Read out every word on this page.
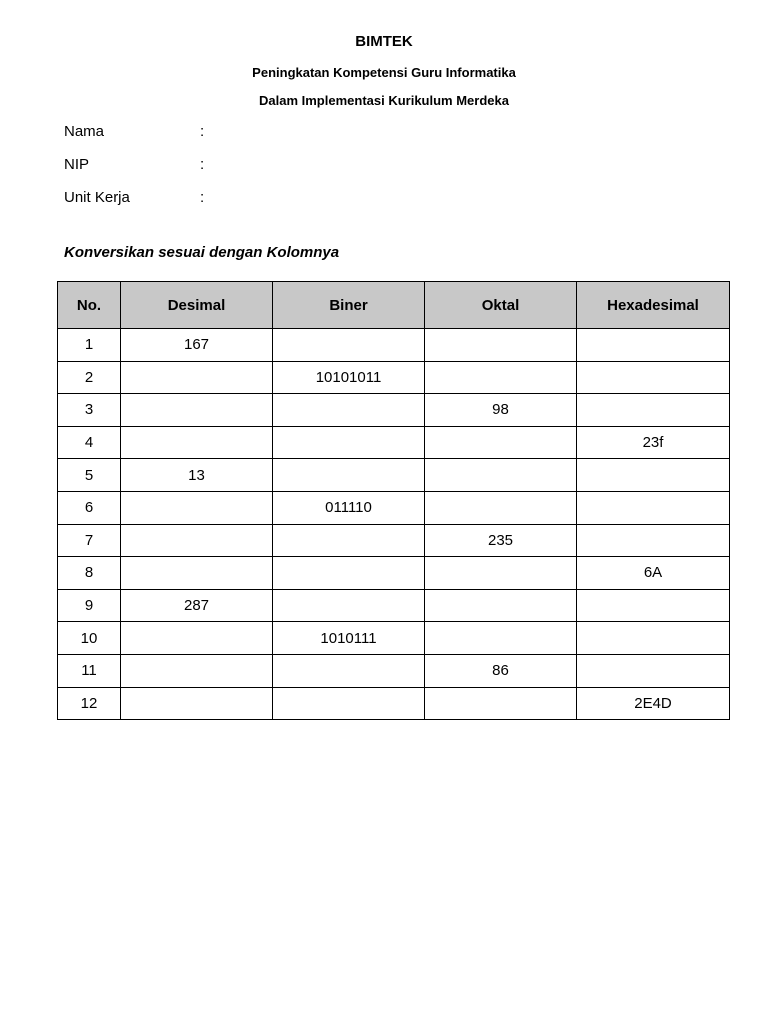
BIMTEK
Peningkatan Kompetensi Guru Informatika
Dalam Implementasi Kurikulum Merdeka
Nama	:
NIP	:
Unit Kerja	:
Konversikan sesuai dengan Kolomnya
No.	Desimal	Biner	Oktal	Hexadesimal
1	167			
2		10101011		
3			98	
4				23f
5	13			
6		011110		
7			235	
8				6A
9	287			
10		1010111		
11			86	
12				2E4D
